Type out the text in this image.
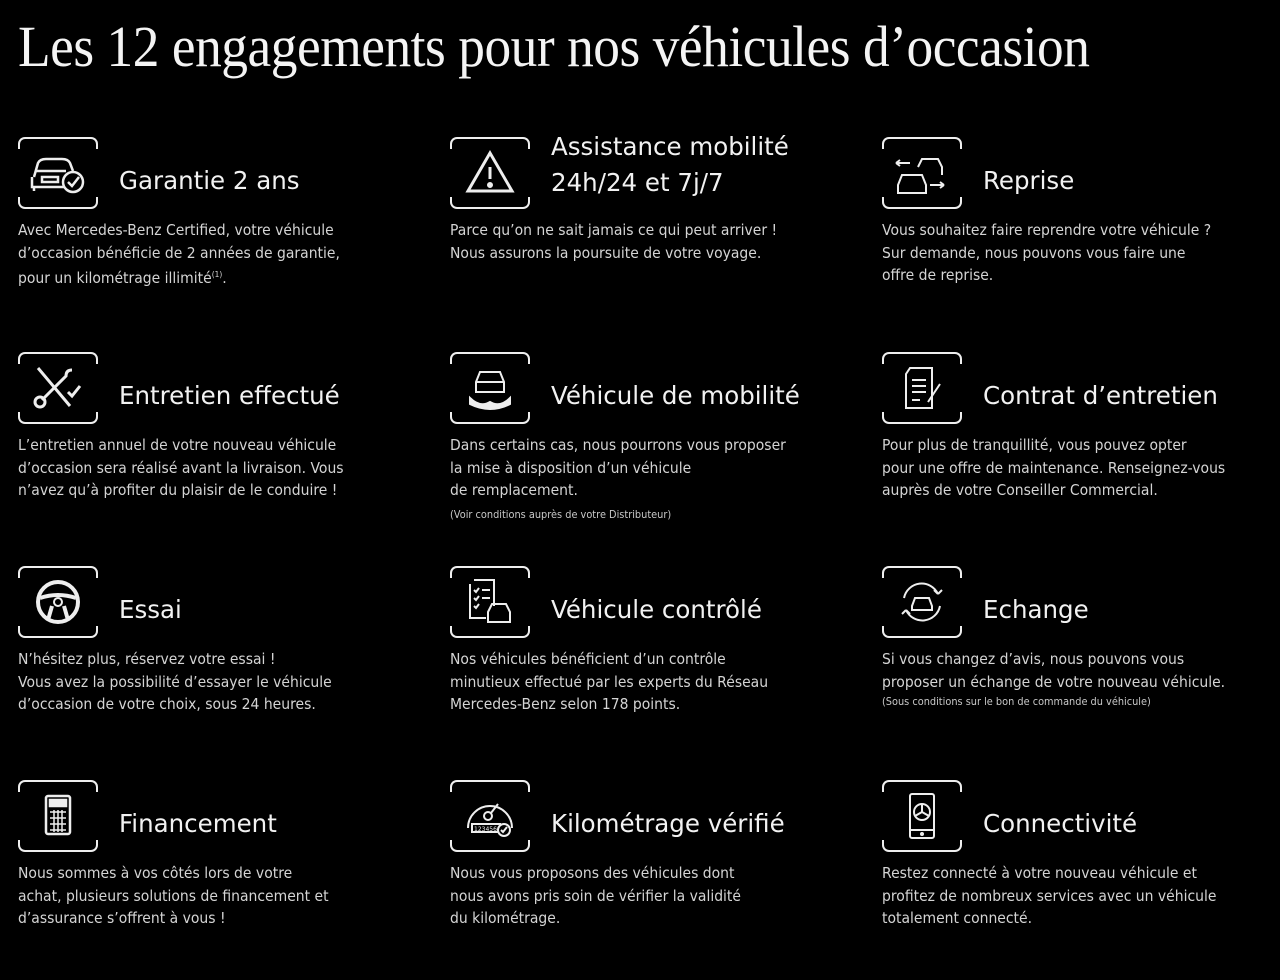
Les 12 engagements pour nos véhicules d’occasion
Garantie 2 ans
Avec Mercedes-Benz Certified, votre véhicule
d’occasion bénéficie de 2 années de garantie,
pour un kilométrage illimité$^{(1)}$.
Assistance mobilité
24h/24 et 7j/7
Parce qu’on ne sait jamais ce qui peut arriver !
Nous assurons la poursuite de votre voyage.
Reprise
Vous souhaitez faire reprendre votre véhicule ?
Sur demande, nous pouvons vous faire une
offre de reprise.
Entretien effectué
L’entretien annuel de votre nouveau véhicule
d’occasion sera réalisé avant la livraison. Vous
n’avez qu’à profiter du plaisir de le conduire !
Véhicule de mobilité
Dans certains cas, nous pourrons vous proposer
la mise à disposition d’un véhicule
de remplacement.
(Voir conditions auprès de votre Distributeur)
Contrat d’entretien
Pour plus de tranquillité, vous pouvez opter
pour une offre de maintenance. Renseignez-vous
auprès de votre Conseiller Commercial.
Essai
N’hésitez plus, réservez votre essai !
Vous avez la possibilité d’essayer le véhicule
d’occasion de votre choix, sous 24 heures.
Véhicule contrôlé
Nos véhicules bénéficient d’un contrôle
minutieux effectué par les experts du Réseau
Mercedes-Benz selon 178 points.
Echange
Si vous changez d’avis, nous pouvons vous
proposer un échange de votre nouveau véhicule.
(Sous conditions sur le bon de commande du véhicule)
Financement
Nous sommes à vos côtés lors de votre
achat, plusieurs solutions de financement et
d’assurance s’offrent à vous !
123456 Kilométrage vérifié
Nous vous proposons des véhicules dont
nous avons pris soin de vérifier la validité
du kilométrage.
Connectivité
Restez connecté à votre nouveau véhicule et
profitez de nombreux services avec un véhicule
totalement connecté.
